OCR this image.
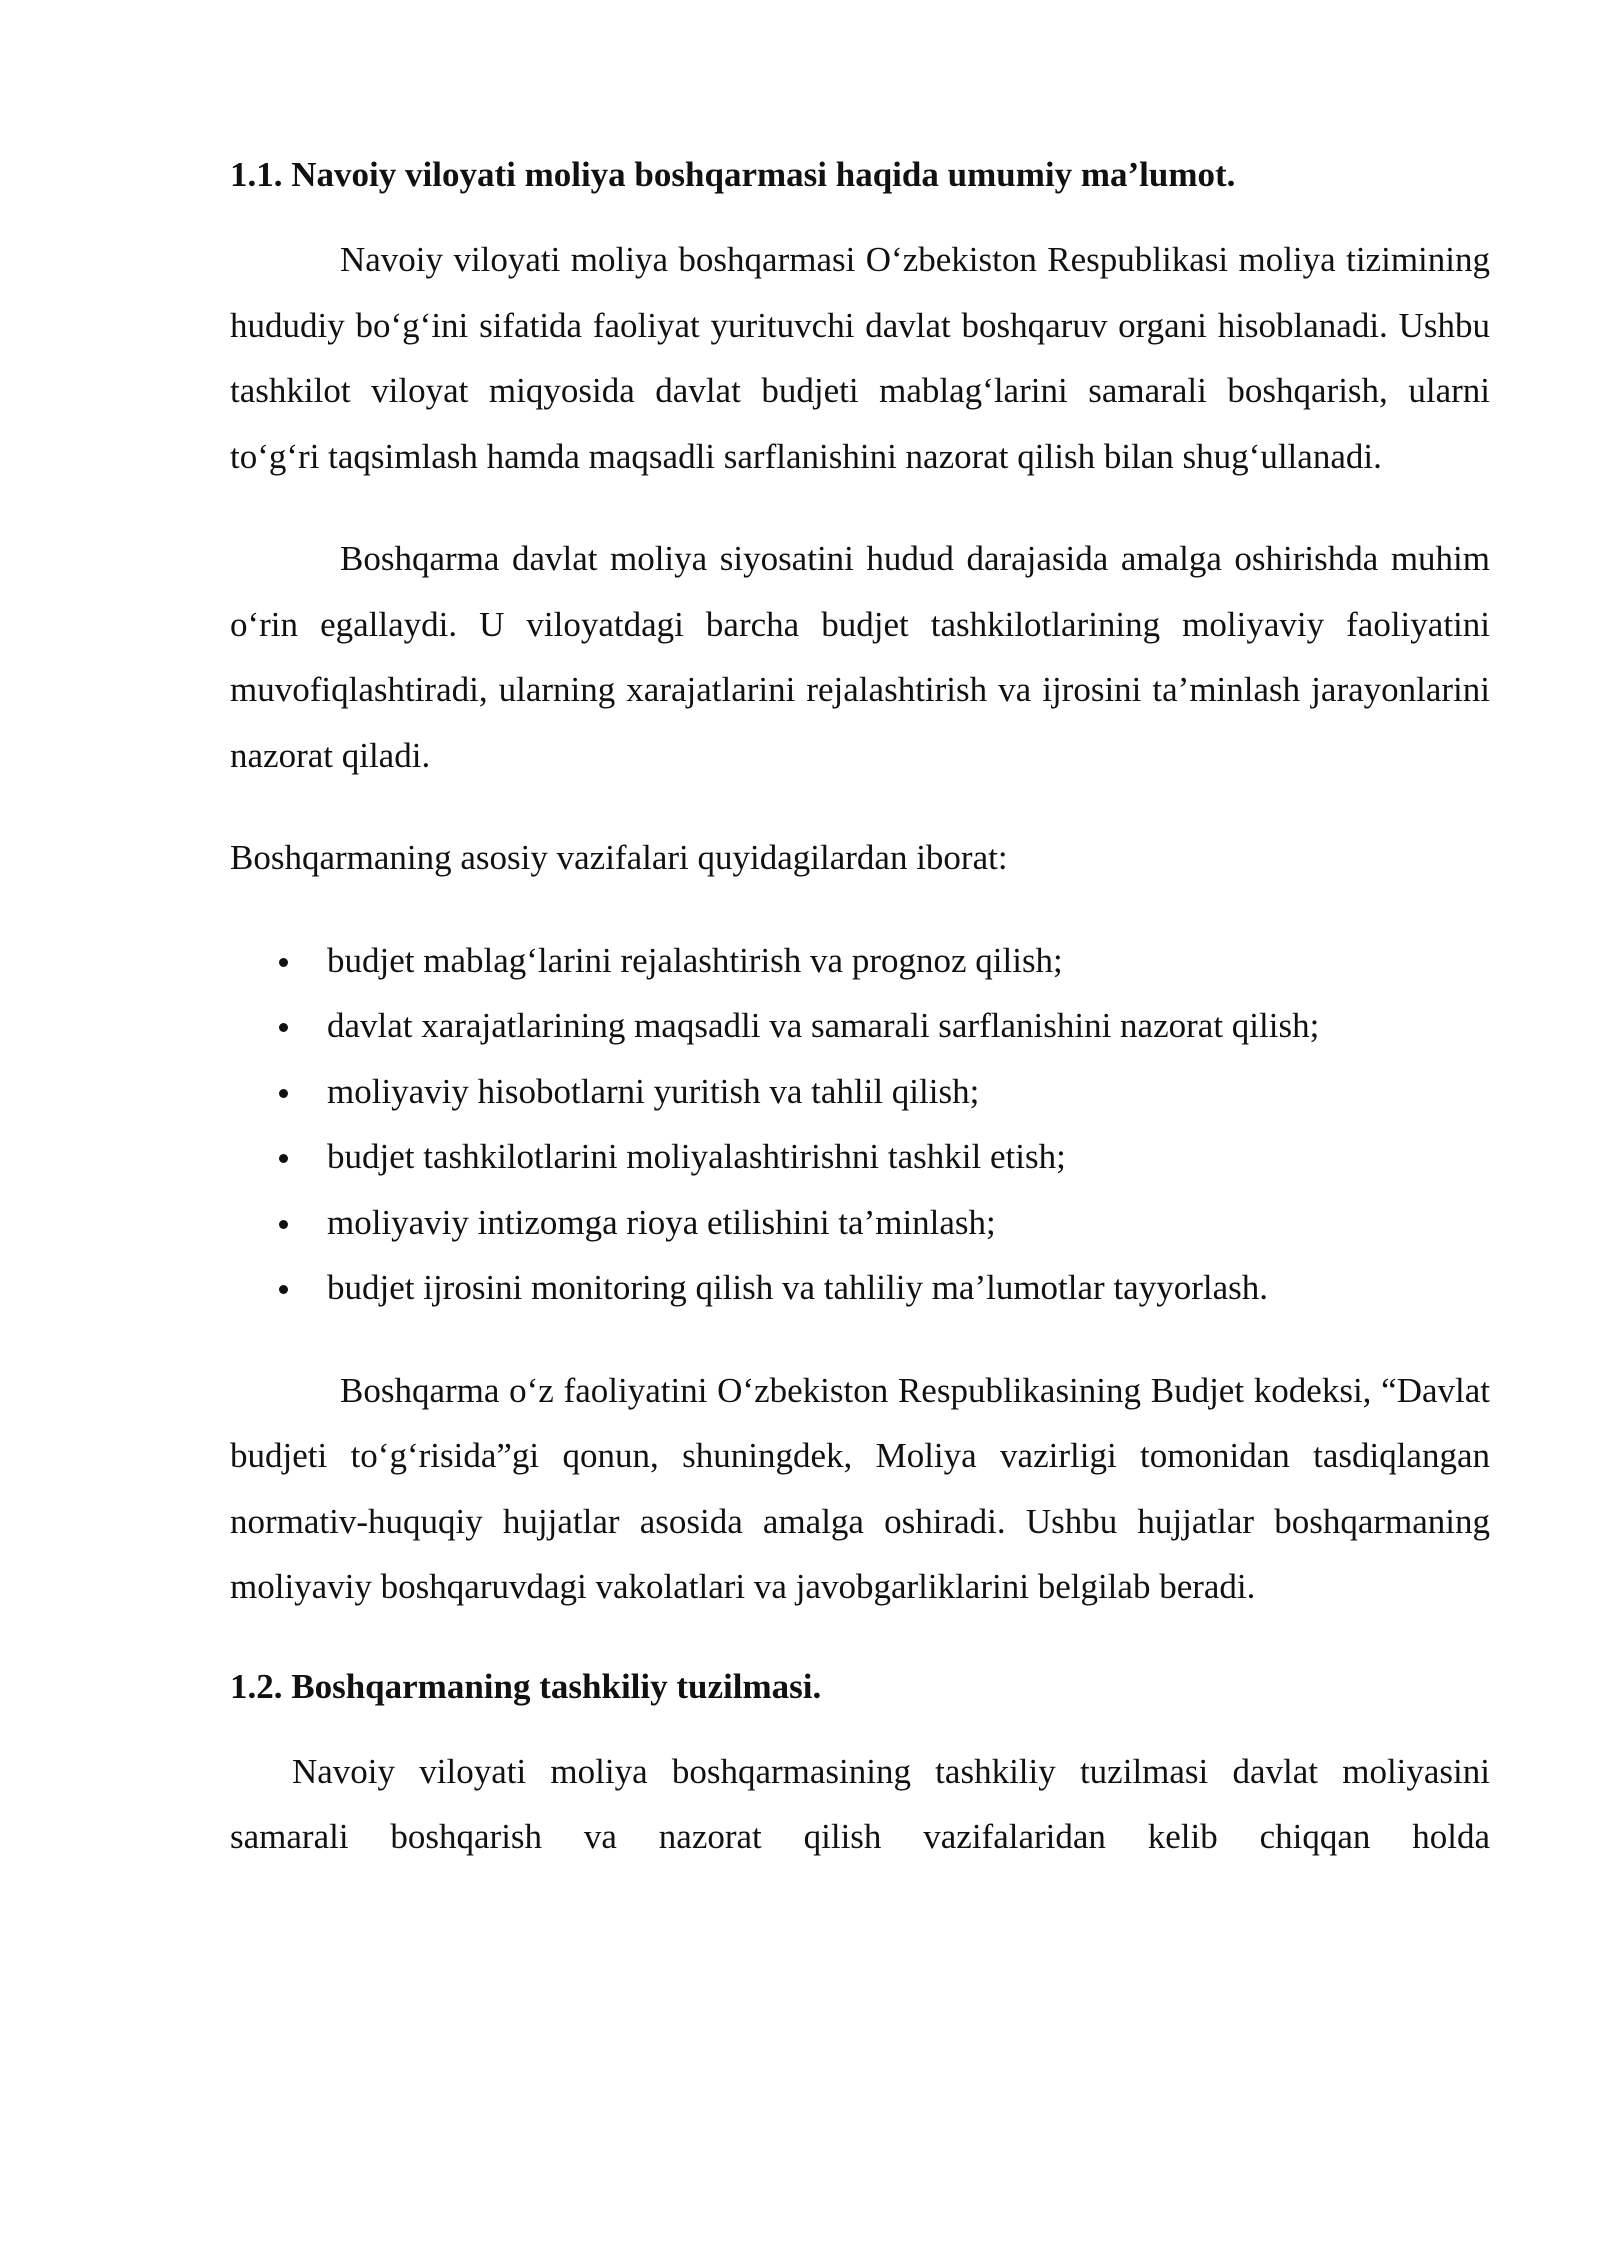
1.1. Navoiy viloyati moliya boshqarmasi haqida umumiy ma’lumot.

Navoiy viloyati moliya boshqarmasi O‘zbekiston Respublikasi moliya tizimining hududiy bo‘g‘ini sifatida faoliyat yurituvchi davlat boshqaruv organi hisoblanadi. Ushbu tashkilot viloyat miqyosida davlat budjeti mablag‘larini samarali boshqarish, ularni to‘g‘ri taqsimlash hamda maqsadli sarflanishini nazorat qilish bilan shug‘ullanadi.

Boshqarma davlat moliya siyosatini hudud darajasida amalga oshirishda muhim o‘rin egallaydi. U viloyatdagi barcha budjet tashkilotlarining moliyaviy faoliyatini muvofiqlashtiradi, ularning xarajatlarini rejalashtirish va ijrosini ta’minlash jarayonlarini nazorat qiladi.

Boshqarmaning asosiy vazifalari quyidagilardan iborat:

budjet mablag‘larini rejalashtirish va prognoz qilish;
davlat xarajatlarining maqsadli va samarali sarflanishini nazorat qilish;
moliyaviy hisobotlarni yuritish va tahlil qilish;
budjet tashkilotlarini moliyalashtirishni tashkil etish;
moliyaviy intizomga rioya etilishini ta’minlash;
budjet ijrosini monitoring qilish va tahliliy ma’lumotlar tayyorlash.

Boshqarma o‘z faoliyatini O‘zbekiston Respublikasining Budjet kodeksi, “Davlat budjeti to‘g‘risida”gi qonun, shuningdek, Moliya vazirligi tomonidan tasdiqlangan normativ-huquqiy hujjatlar asosida amalga oshiradi. Ushbu hujjatlar boshqarmaning moliyaviy boshqaruvdagi vakolatlari va javobgarliklarini belgilab beradi.

1.2. Boshqarmaning tashkiliy tuzilmasi.

Navoiy viloyati moliya boshqarmasining tashkiliy tuzilmasi davlat moliyasini samarali boshqarish va nazorat qilish vazifalaridan kelib chiqqan holda
